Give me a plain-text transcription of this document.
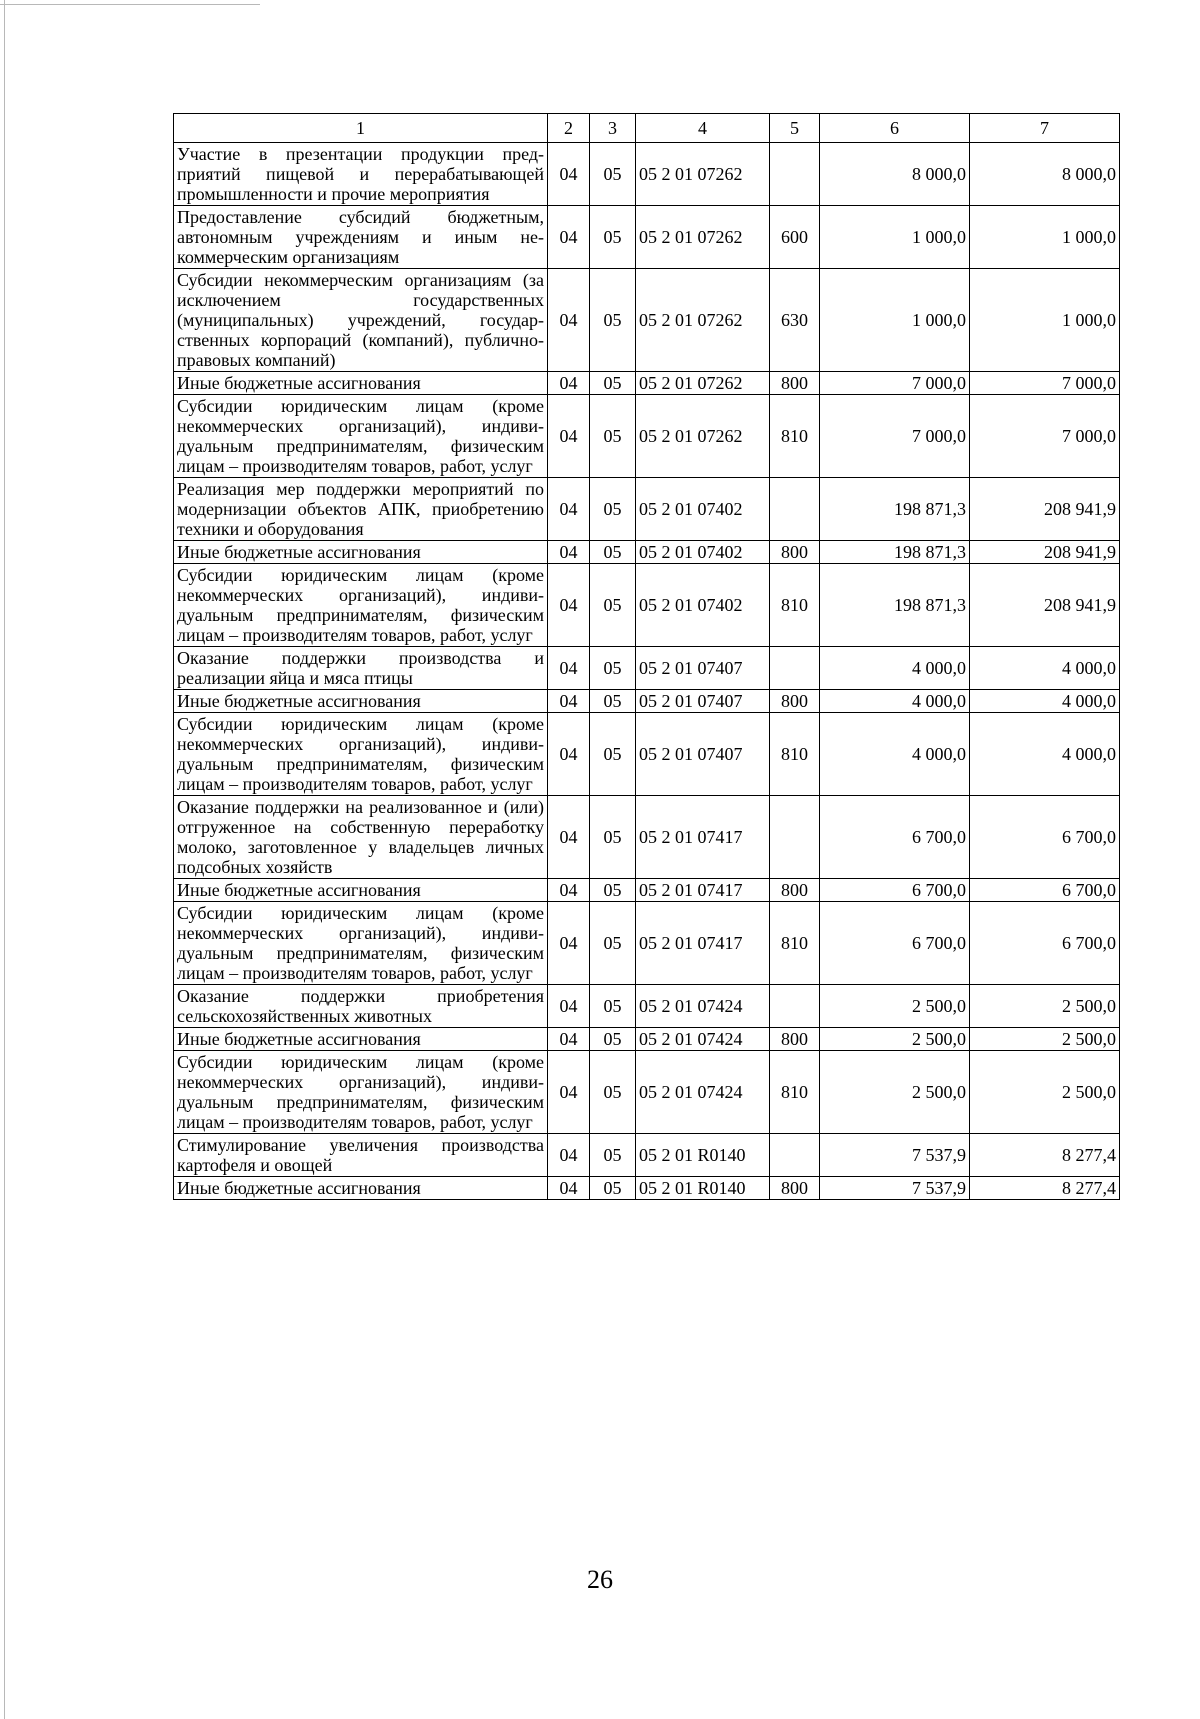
1	2	3	4	5	6	7
Участие в презентации продукции предприятий пищевой и перерабатывающей промышленности и прочие мероприятия	04	05	05 2 01 07262		8 000,0	8 000,0
Предоставление субсидий бюджетным, автономным учреждениям и иным некоммерческим организациям	04	05	05 2 01 07262	600	1 000,0	1 000,0
Субсидии некоммерческим организациям (за исключением государственных (муниципальных) учреждений, государственных корпораций (компаний), публично-правовых компаний)	04	05	05 2 01 07262	630	1 000,0	1 000,0
Иные бюджетные ассигнования	04	05	05 2 01 07262	800	7 000,0	7 000,0
Субсидии юридическим лицам (кроме некоммерческих организаций), индивидуальным предпринимателям, физическим лицам – производителям товаров, работ, услуг	04	05	05 2 01 07262	810	7 000,0	7 000,0
Реализация мер поддержки мероприятий по модернизации объектов АПК, приобретению техники и оборудования	04	05	05 2 01 07402		198 871,3	208 941,9
Иные бюджетные ассигнования	04	05	05 2 01 07402	800	198 871,3	208 941,9
Субсидии юридическим лицам (кроме некоммерческих организаций), индивидуальным предпринимателям, физическим лицам – производителям товаров, работ, услуг	04	05	05 2 01 07402	810	198 871,3	208 941,9
Оказание поддержки производства и реализации яйца и мяса птицы	04	05	05 2 01 07407		4 000,0	4 000,0
Иные бюджетные ассигнования	04	05	05 2 01 07407	800	4 000,0	4 000,0
Субсидии юридическим лицам (кроме некоммерческих организаций), индивидуальным предпринимателям, физическим лицам – производителям товаров, работ, услуг	04	05	05 2 01 07407	810	4 000,0	4 000,0
Оказание поддержки на реализованное и (или) отгруженное на собственную переработку молоко, заготовленное у владельцев личных подсобных хозяйств	04	05	05 2 01 07417		6 700,0	6 700,0
Иные бюджетные ассигнования	04	05	05 2 01 07417	800	6 700,0	6 700,0
Субсидии юридическим лицам (кроме некоммерческих организаций), индивидуальным предпринимателям, физическим лицам – производителям товаров, работ, услуг	04	05	05 2 01 07417	810	6 700,0	6 700,0
Оказание поддержки приобретения сельскохозяйственных животных	04	05	05 2 01 07424		2 500,0	2 500,0
Иные бюджетные ассигнования	04	05	05 2 01 07424	800	2 500,0	2 500,0
Субсидии юридическим лицам (кроме некоммерческих организаций), индивидуальным предпринимателям, физическим лицам – производителям товаров, работ, услуг	04	05	05 2 01 07424	810	2 500,0	2 500,0
Стимулирование увеличения производства картофеля и овощей	04	05	05 2 01 R0140		7 537,9	8 277,4
Иные бюджетные ассигнования	04	05	05 2 01 R0140	800	7 537,9	8 277,4
26
